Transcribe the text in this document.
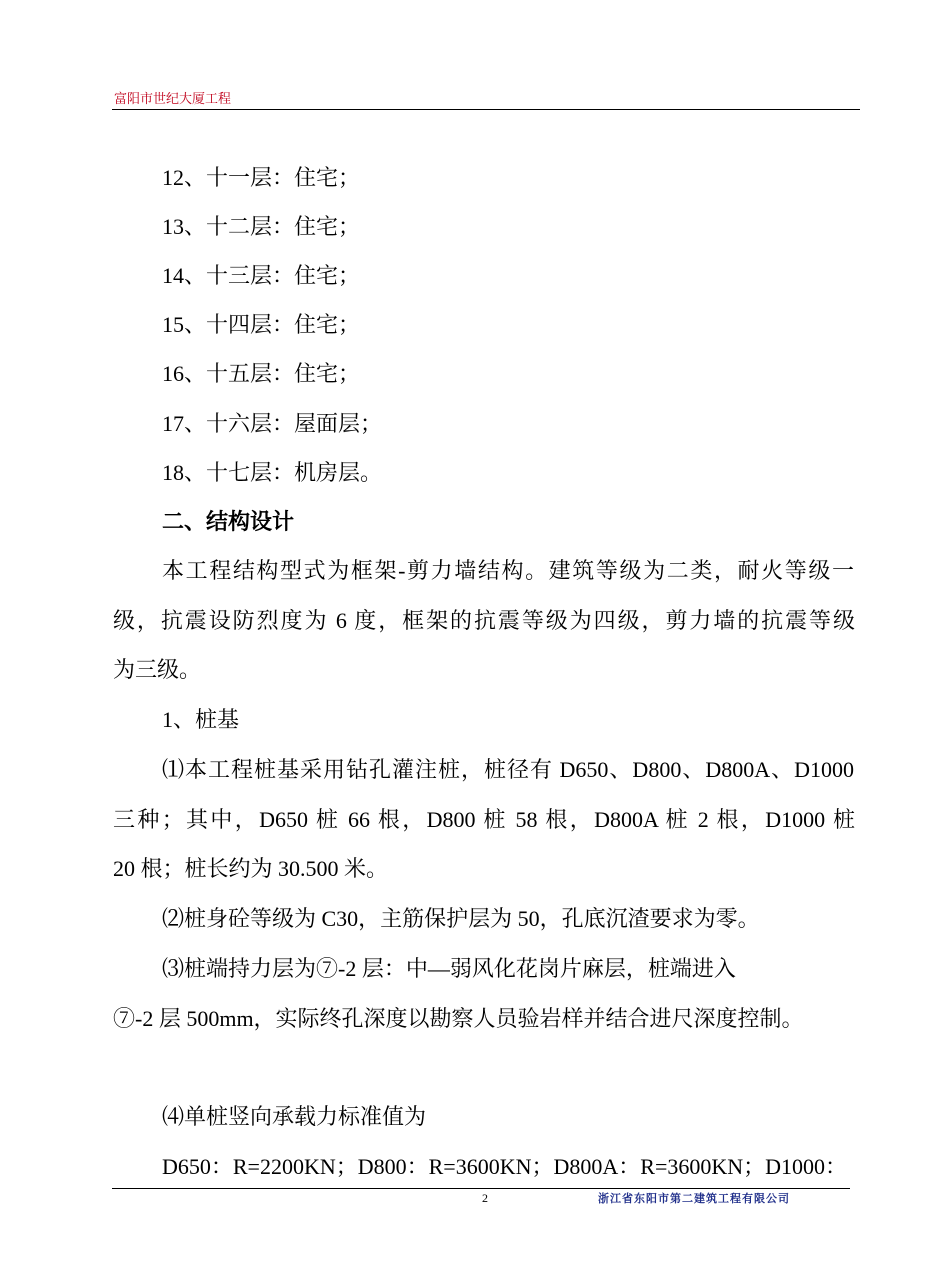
富阳市世纪大厦工程
12、十一层：住宅；
13、十二层：住宅；
14、十三层：住宅；
15、十四层：住宅；
16、十五层：住宅；
17、十六层：屋面层；
18、十七层：机房层。
二、结构设计
本工程结构型式为框架-剪力墙结构。建筑等级为二类，耐火等级一
级，抗震设防烈度为 6 度，框架的抗震等级为四级，剪力墙的抗震等级
为三级。
1、桩基
⑴本工程桩基采用钻孔灌注桩，桩径有 D650、D800、D800A、D1000
三种；其中，D650 桩 66 根，D800 桩 58 根，D800A 桩 2 根，D1000 桩
20 根；桩长约为 30.500 米。
⑵桩身砼等级为 C30，主筋保护层为 50，孔底沉渣要求为零。
⑶桩端持力层为⑦-2 层：中—弱风化花岗片麻层，桩端进入
⑦-2 层 500mm，实际终孔深度以勘察人员验岩样并结合进尺深度控制。
⑷单桩竖向承载力标准值为
D650：R=2200KN；D800：R=3600KN；D800A：R=3600KN；D1000：
2	浙江省东阳市第二建筑工程有限公司
